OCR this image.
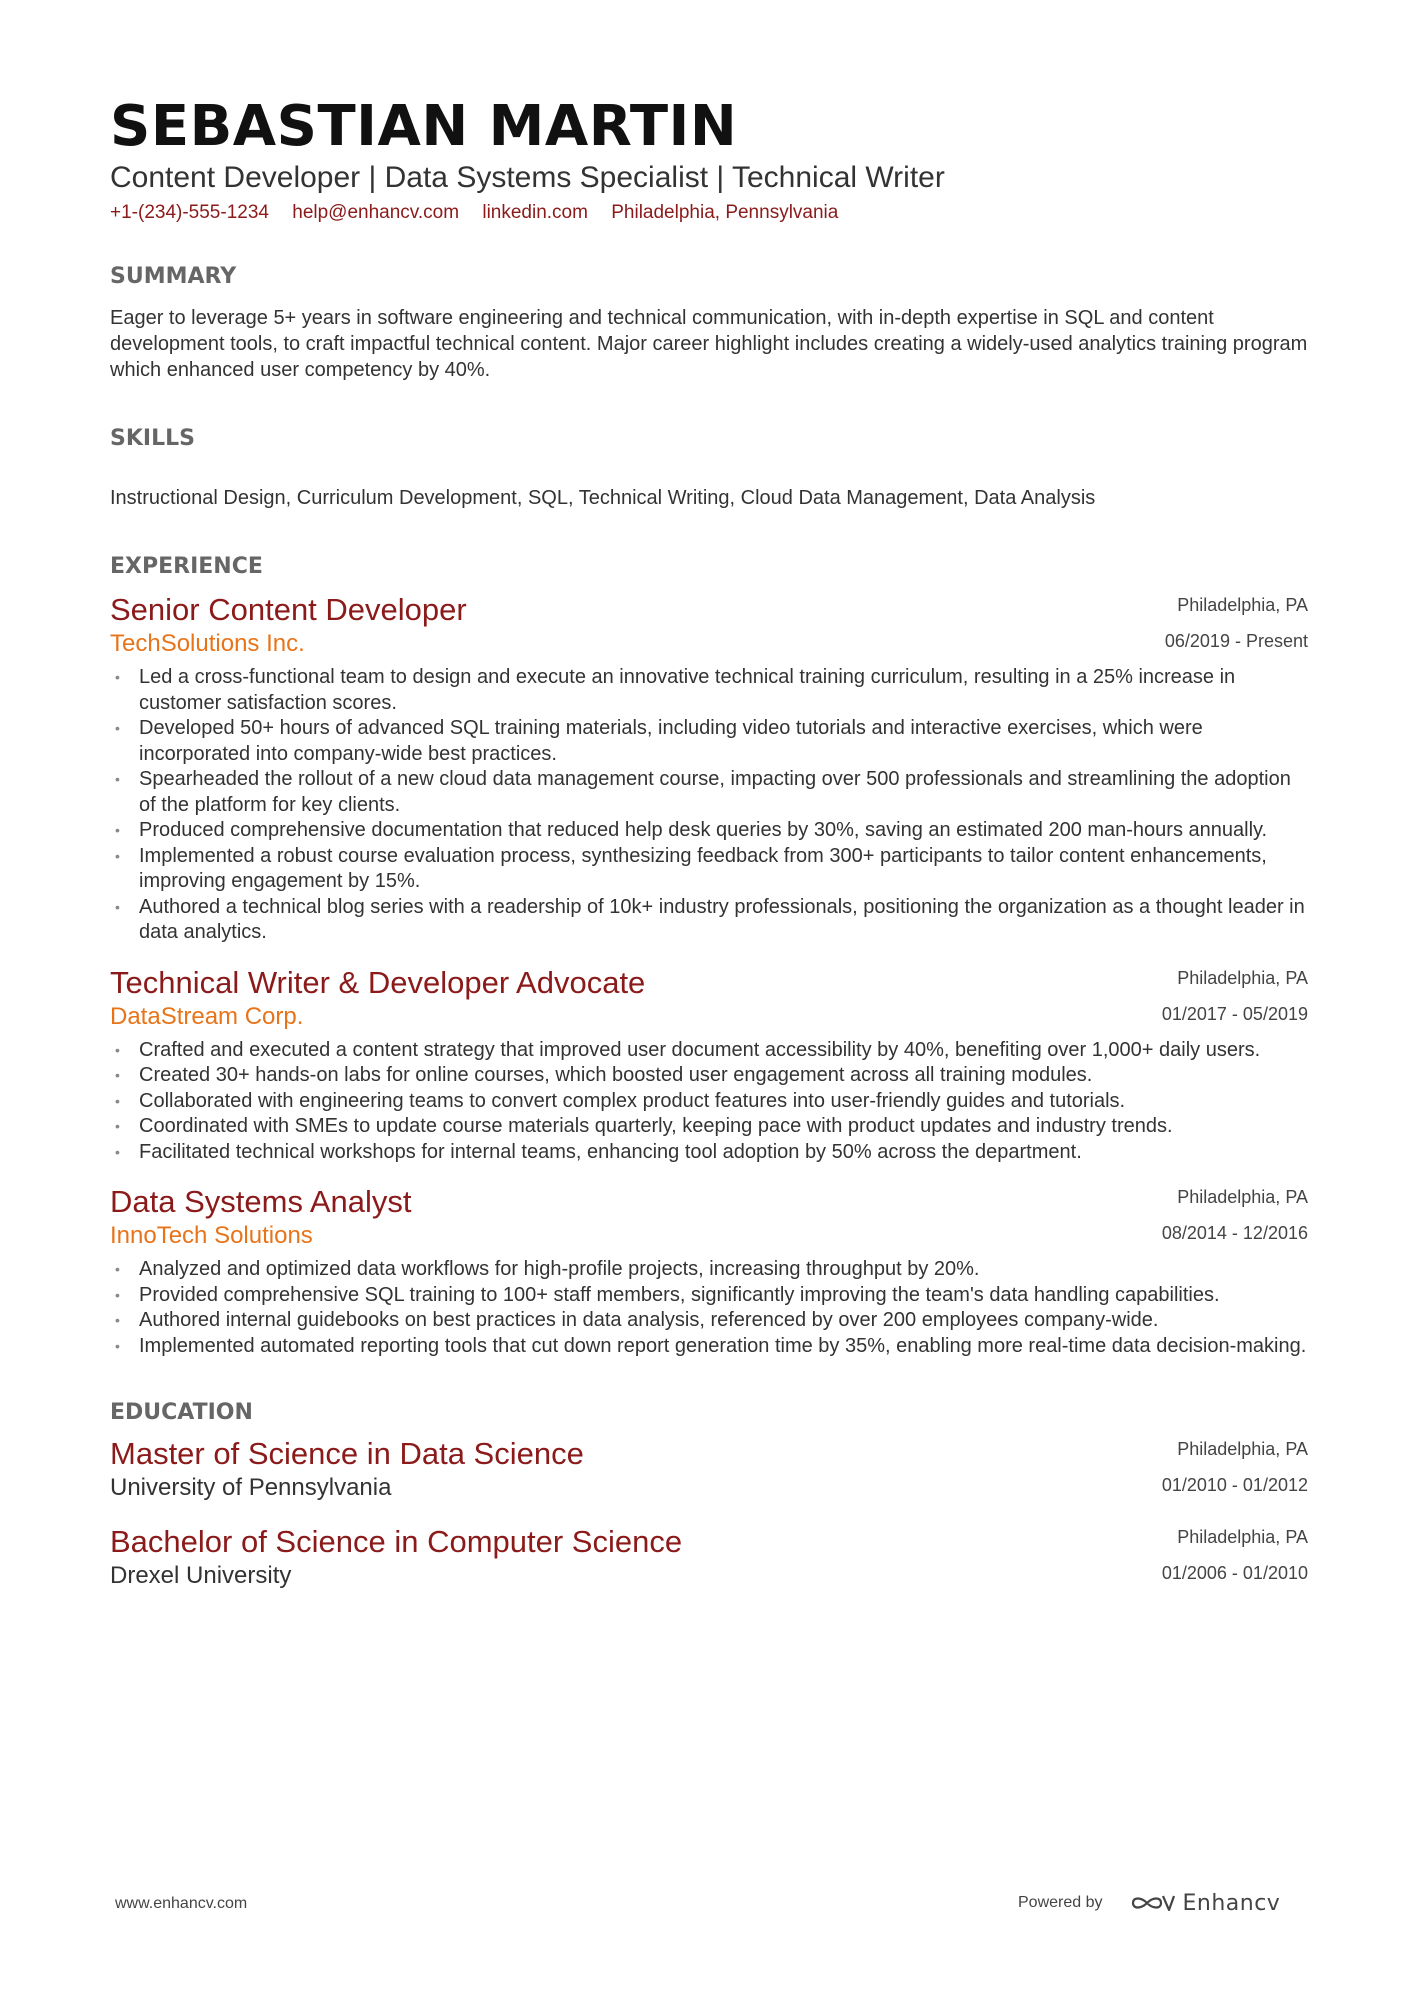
SEBASTIAN MARTIN
Content Developer | Data Systems Specialist | Technical Writer
+1-(234)-555-1234 help@enhancv.com linkedin.com Philadelphia, Pennsylvania
SUMMARY
Eager to leverage 5+ years in software engineering and technical communication, with in-depth expertise in SQL and content development tools, to craft impactful technical content. Major career highlight includes creating a widely-used analytics training program which enhanced user competency by 40%.
SKILLS
Instructional Design, Curriculum Development, SQL, Technical Writing, Cloud Data Management, Data Analysis
EXPERIENCE
Senior Content Developer
TechSolutions Inc.
Philadelphia, PA
06/2019 - Present
• Led a cross-functional team to design and execute an innovative technical training curriculum, resulting in a 25% increase in customer satisfaction scores.
• Developed 50+ hours of advanced SQL training materials, including video tutorials and interactive exercises, which were incorporated into company-wide best practices.
• Spearheaded the rollout of a new cloud data management course, impacting over 500 professionals and streamlining the adoption of the platform for key clients.
• Produced comprehensive documentation that reduced help desk queries by 30%, saving an estimated 200 man-hours annually.
• Implemented a robust course evaluation process, synthesizing feedback from 300+ participants to tailor content enhancements, improving engagement by 15%.
• Authored a technical blog series with a readership of 10k+ industry professionals, positioning the organization as a thought leader in data analytics.
Technical Writer & Developer Advocate
DataStream Corp.
Philadelphia, PA
01/2017 - 05/2019
• Crafted and executed a content strategy that improved user document accessibility by 40%, benefiting over 1,000+ daily users.
• Created 30+ hands-on labs for online courses, which boosted user engagement across all training modules.
• Collaborated with engineering teams to convert complex product features into user-friendly guides and tutorials.
• Coordinated with SMEs to update course materials quarterly, keeping pace with product updates and industry trends.
• Facilitated technical workshops for internal teams, enhancing tool adoption by 50% across the department.
Data Systems Analyst
InnoTech Solutions
Philadelphia, PA
08/2014 - 12/2016
• Analyzed and optimized data workflows for high-profile projects, increasing throughput by 20%.
• Provided comprehensive SQL training to 100+ staff members, significantly improving the team's data handling capabilities.
• Authored internal guidebooks on best practices in data analysis, referenced by over 200 employees company-wide.
• Implemented automated reporting tools that cut down report generation time by 35%, enabling more real-time data decision-making.
EDUCATION
Master of Science in Data Science
University of Pennsylvania
Philadelphia, PA
01/2010 - 01/2012
Bachelor of Science in Computer Science
Drexel University
Philadelphia, PA
01/2006 - 01/2010
www.enhancv.com	Powered by	Enhancv
